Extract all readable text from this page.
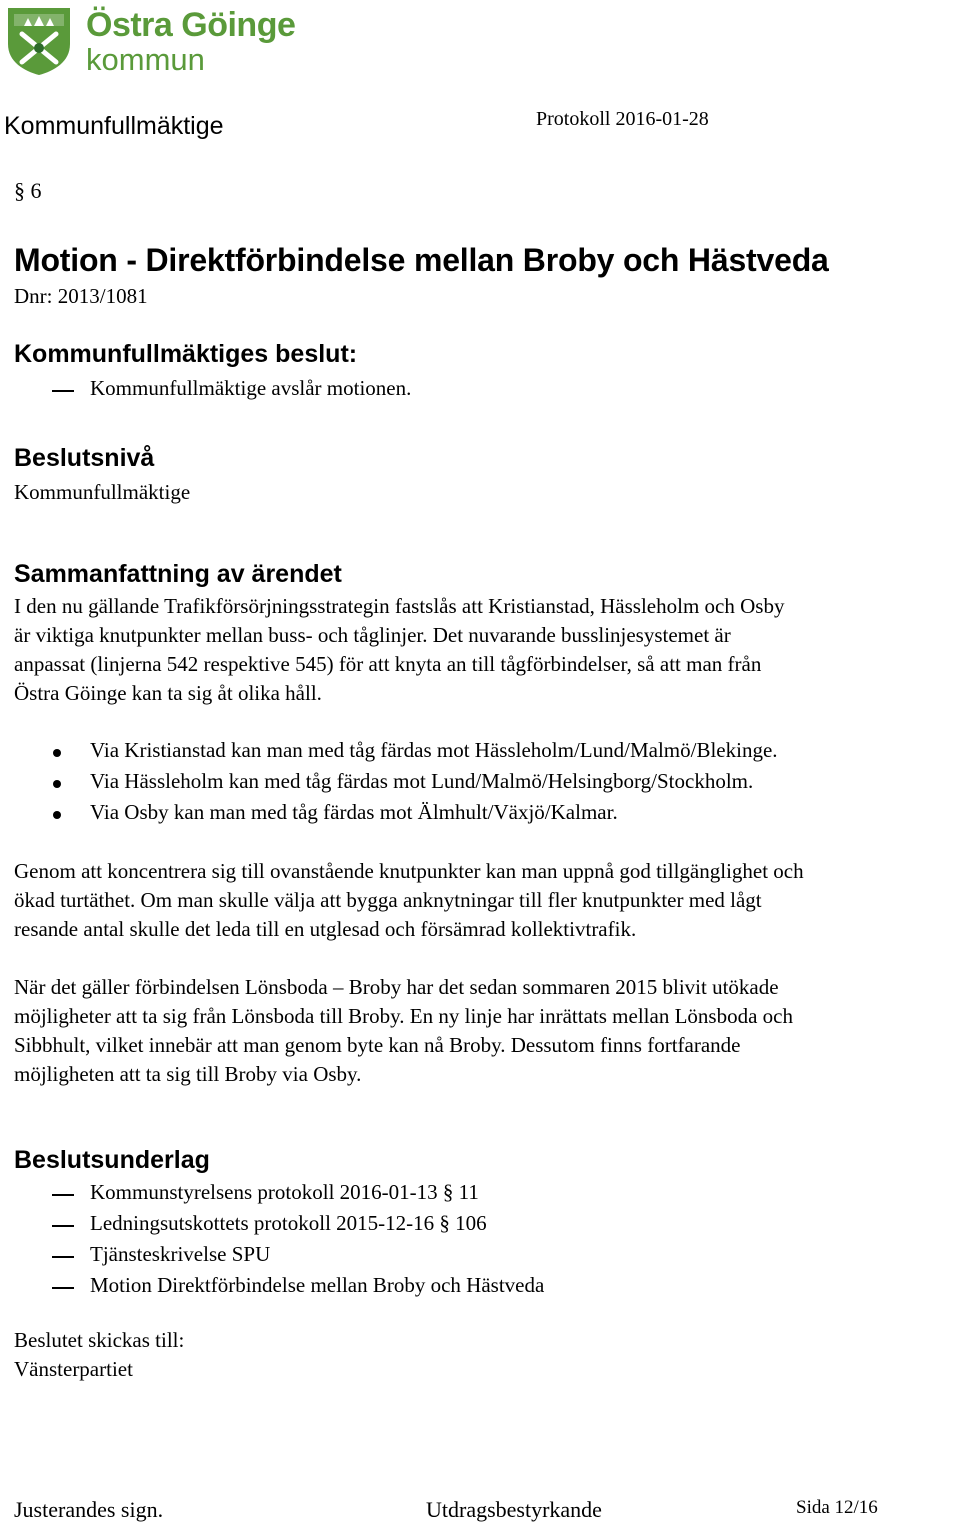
Östra Göinge
kommun
Kommunfullmäktige	Protokoll 2016-01-28
§ 6
Motion - Direktförbindelse mellan Broby och Hästveda
Dnr: 2013/1081
Kommunfullmäktiges beslut:
Kommunfullmäktige avslår motionen.
Beslutsnivå
Kommunfullmäktige
Sammanfattning av ärendet
I den nu gällande Trafikförsörjningsstrategin fastslås att Kristianstad, Hässleholm och Osby
är viktiga knutpunkter mellan buss- och tåglinjer. Det nuvarande busslinjesystemet är
anpassat (linjerna 542 respektive 545) för att knyta an till tågförbindelser, så att man från
Östra Göinge kan ta sig åt olika håll.
Via Kristianstad kan man med tåg färdas mot Hässleholm/Lund/Malmö/Blekinge.
Via Hässleholm kan med tåg färdas mot Lund/Malmö/Helsingborg/Stockholm.
Via Osby kan man med tåg färdas mot Älmhult/Växjö/Kalmar.
Genom att koncentrera sig till ovanstående knutpunkter kan man uppnå god tillgänglighet och
ökad turtäthet. Om man skulle välja att bygga anknytningar till fler knutpunkter med lågt
resande antal skulle det leda till en utglesad och försämrad kollektivtrafik.
När det gäller förbindelsen Lönsboda – Broby har det sedan sommaren 2015 blivit utökade
möjligheter att ta sig från Lönsboda till Broby. En ny linje har inrättats mellan Lönsboda och
Sibbhult, vilket innebär att man genom byte kan nå Broby. Dessutom finns fortfarande
möjligheten att ta sig till Broby via Osby.
Beslutsunderlag
Kommunstyrelsens protokoll 2016-01-13 § 11
Ledningsutskottets protokoll 2015-12-16 § 106
Tjänsteskrivelse SPU
Motion Direktförbindelse mellan Broby och Hästveda
Beslutet skickas till:
Vänsterpartiet
Justerandes sign.	Utdragsbestyrkande	Sida 12/16
